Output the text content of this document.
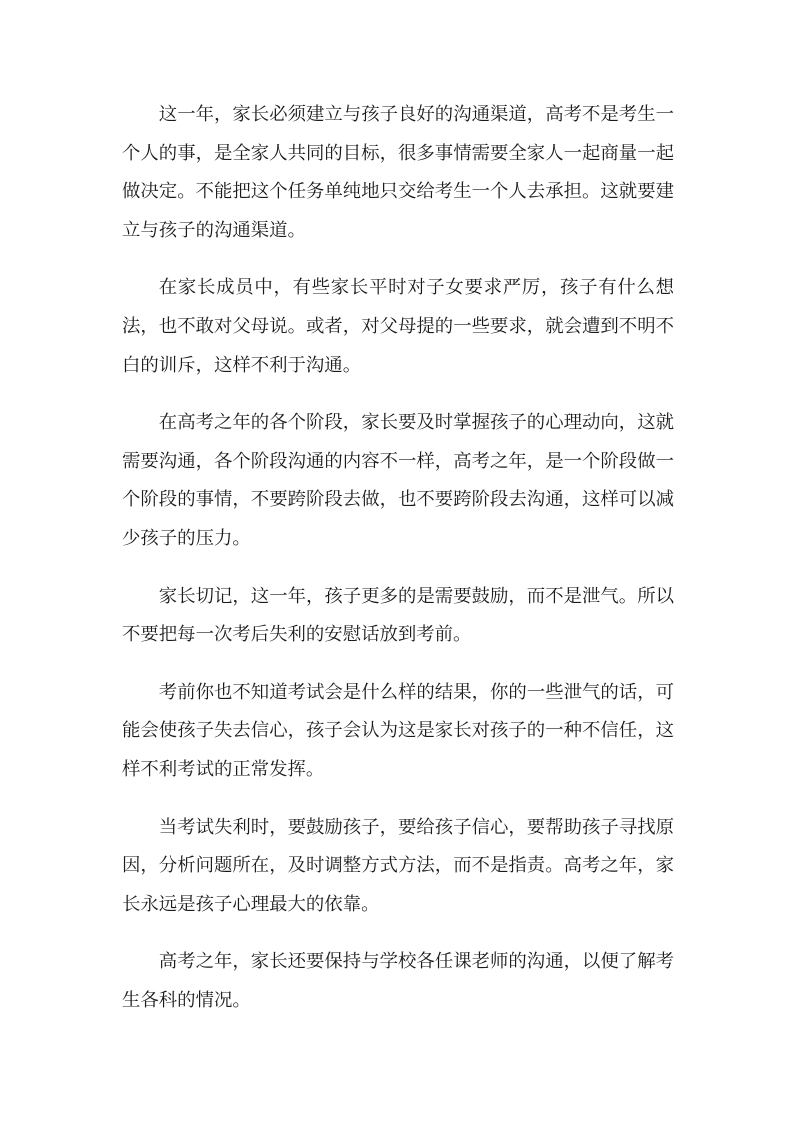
这一年，家长必须建立与孩子良好的沟通渠道，高考不是考生一个人的事，是全家人共同的目标，很多事情需要全家人一起商量一起做决定。不能把这个任务单纯地只交给考生一个人去承担。这就要建立与孩子的沟通渠道。

在家长成员中，有些家长平时对子女要求严厉，孩子有什么想法，也不敢对父母说。或者，对父母提的一些要求，就会遭到不明不白的训斥，这样不利于沟通。

在高考之年的各个阶段，家长要及时掌握孩子的心理动向，这就需要沟通，各个阶段沟通的内容不一样，高考之年，是一个阶段做一个阶段的事情，不要跨阶段去做，也不要跨阶段去沟通，这样可以减少孩子的压力。

家长切记，这一年，孩子更多的是需要鼓励，而不是泄气。所以不要把每一次考后失利的安慰话放到考前。

考前你也不知道考试会是什么样的结果，你的一些泄气的话，可能会使孩子失去信心，孩子会认为这是家长对孩子的一种不信任，这样不利考试的正常发挥。

当考试失利时，要鼓励孩子，要给孩子信心，要帮助孩子寻找原因，分析问题所在，及时调整方式方法，而不是指责。高考之年，家长永远是孩子心理最大的依靠。

高考之年，家长还要保持与学校各任课老师的沟通，以便了解考生各科的情况。
